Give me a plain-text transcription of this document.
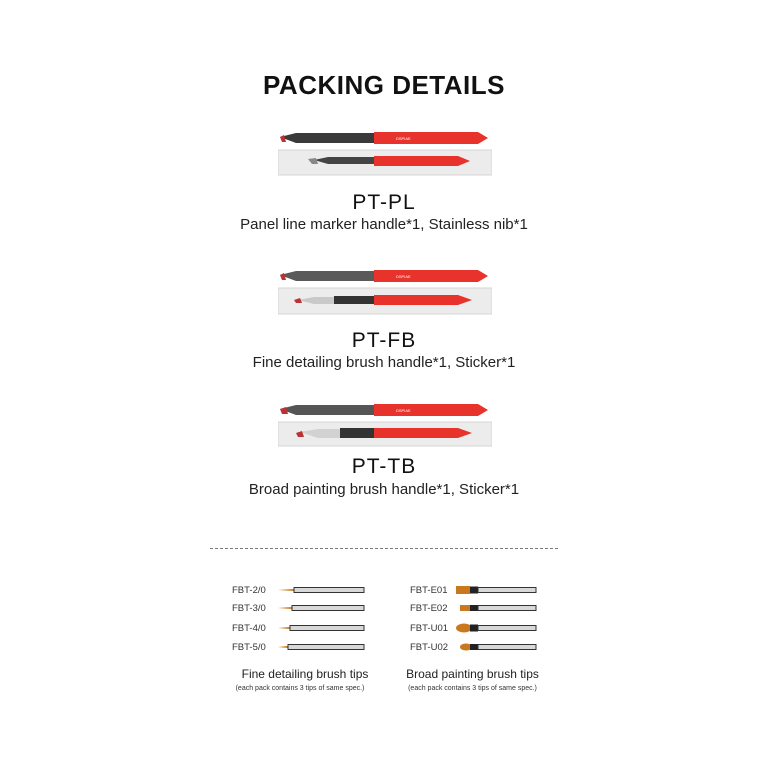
PACKING DETAILS
DSPIAE
PT-PL
Panel line marker handle*1, Stainless nib*1
DSPIAE
PT-FB
Fine detailing brush handle*1, Sticker*1
DSPIAE
PT-TB
Broad painting brush handle*1, Sticker*1
FBT-2/0
FBT-3/0
FBT-4/0
FBT-5/0
Fine detailing brush tips
(each pack contains 3 tips of same spec.)
FBT-E01
FBT-E02
FBT-U01
FBT-U02
Broad painting brush tips
(each pack contains 3 tips of same spec.)
